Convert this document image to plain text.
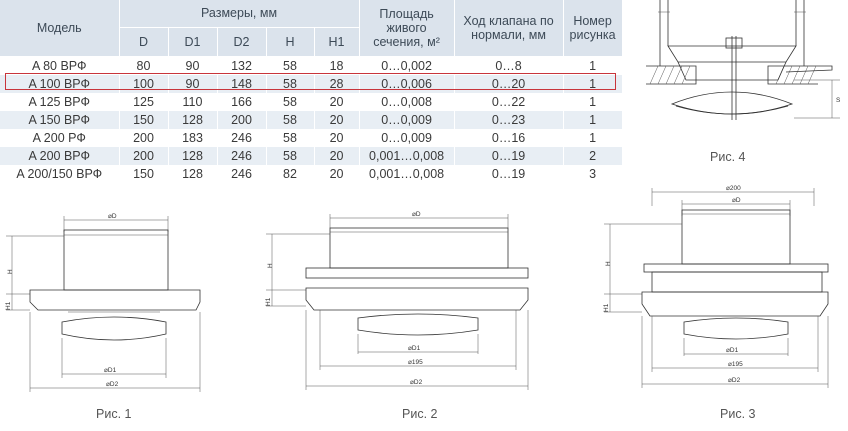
Модель	Размеры, мм					Площадь живого сечения, м²	Ход клапана по нормали, мм	Номер рисунка
	D	D1	D2	H	H1			
A 80 ВРФ	80	90	132	58	18	0…0,002	0…8	1
A 100 ВРФ	100	90	148	58	28	0…0,006	0…20	1
A 125 ВРФ	125	110	166	58	20	0…0,008	0…22	1
A 150 ВРФ	150	128	200	58	20	0…0,009	0…23	1
A 200 РФ	200	183	246	58	20	0…0,009	0…16	1
A 200 ВРФ	200	128	246	58	20	0,001…0,008	0…19	2
A 200/150 ВРФ	150	128	246	82	20	0,001…0,008	0…19	3
S
Рис. 4
⌀D
H
H1
⌀D1
⌀D2
Рис. 1
⌀D
H
H1
⌀D1
⌀195
⌀D2
Рис. 2
⌀200
⌀D
H
H1
⌀D1
⌀195
⌀D2
Рис. 3
